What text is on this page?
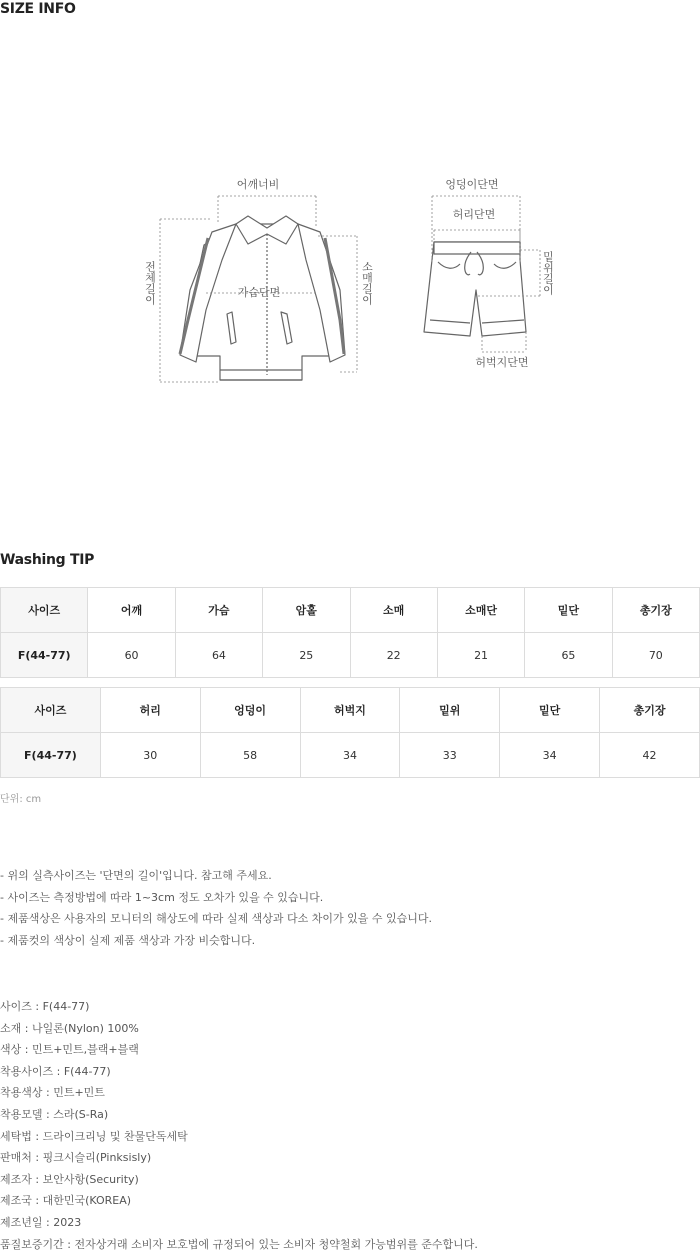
SIZE INFO
어깨너비
가슴단면
전체길이	소매길이
엉덩이단면
허리단면
밑위길이
허벅지단면
Washing TIP
사이즈	어깨	가슴	암홀	소매	소매단	밑단	총기장
F(44-77)	60	64	25	22	21	65	70
사이즈	허리	엉덩이	허벅지	밑위	밑단	총기장
F(44-77)	30	58	34	33	34	42
단위: cm
- 위의 실측사이즈는 '단면의 길이'입니다. 참고해 주세요.
- 사이즈는 측정방법에 따라 1~3cm 정도 오차가 있을 수 있습니다.
- 제품색상은 사용자의 모니터의 해상도에 따라 실제 색상과 다소 차이가 있을 수 있습니다.
- 제품컷의 색상이 실제 제품 색상과 가장 비슷합니다.
사이즈 : F(44-77)
소재 : 나일론(Nylon) 100%
색상 : 민트+민트,블랙+블랙
착용사이즈 : F(44-77)
착용색상 : 민트+민트
착용모델 : 스라(S-Ra)
세탁법 : 드라이크리닝 및 찬물단독세탁
판매처 : 핑크시슬리(Pinksisly)
제조자 : 보안사항(Security)
제조국 : 대한민국(KOREA)
제조년일 : 2023
품질보증기간 : 전자상거래 소비자 보호법에 규정되어 있는 소비자 청약철회 가능범위를 준수합니다.
